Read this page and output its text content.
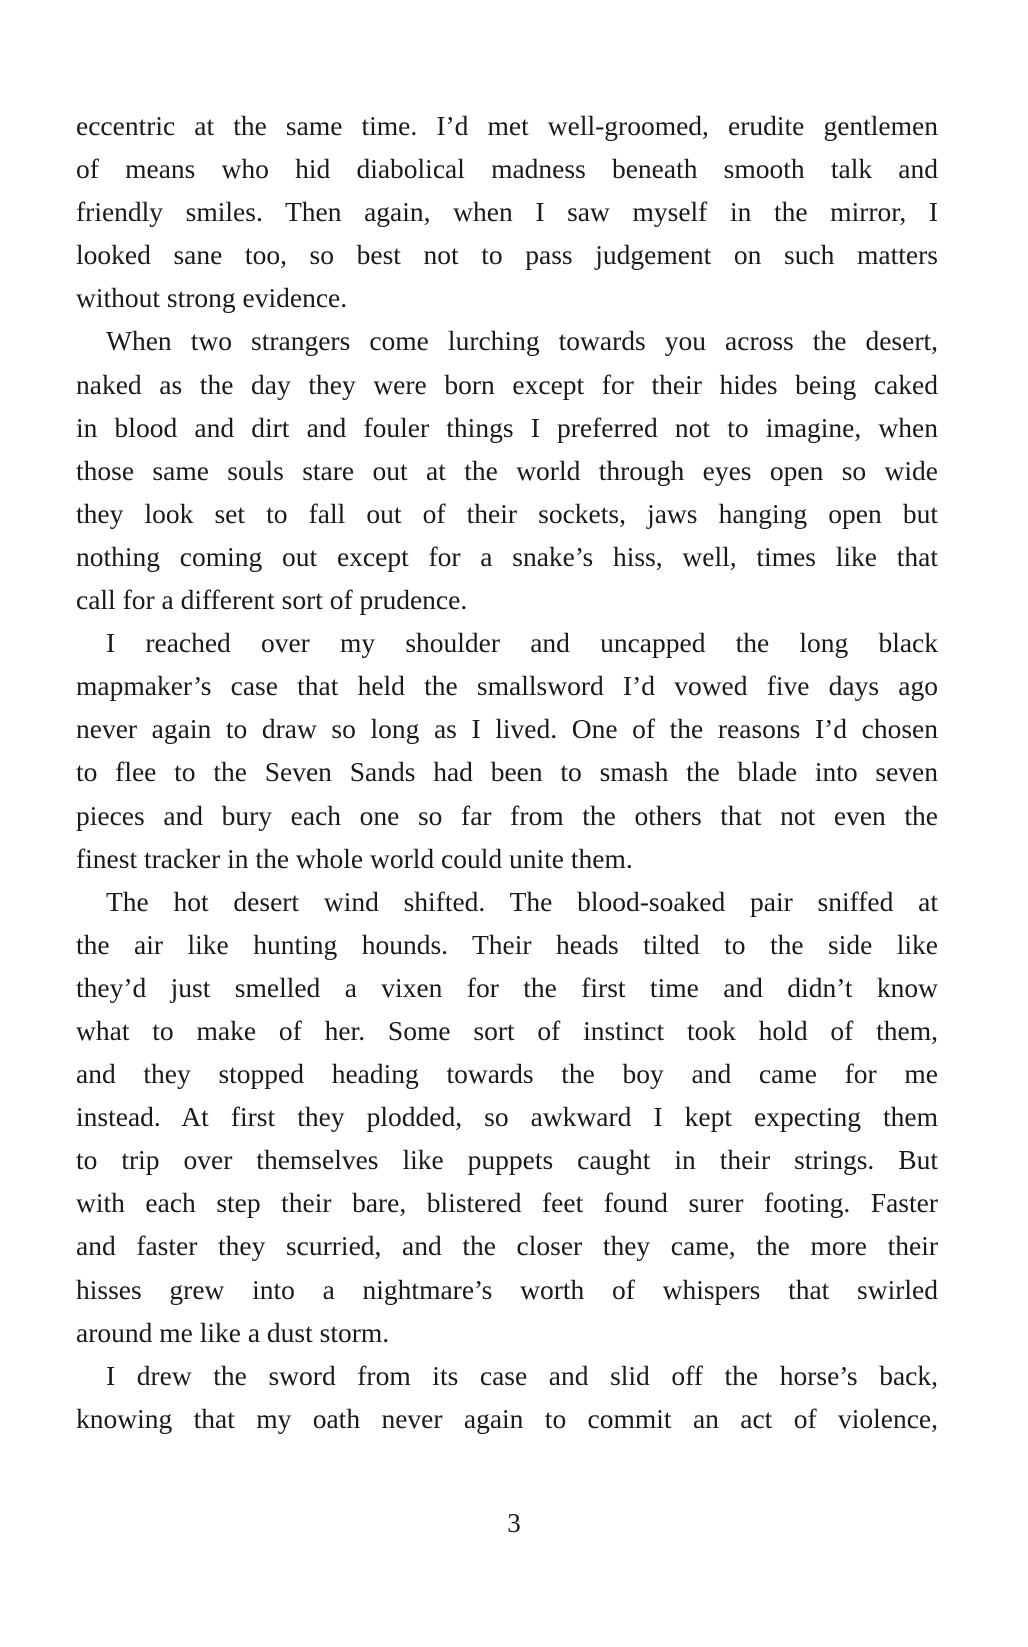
eccentric at the same time. I’d met well-groomed, erudite gentlemen
of means who hid diabolical madness beneath smooth talk and
friendly smiles. Then again, when I saw myself in the mirror, I
looked sane too, so best not to pass judgement on such matters
without strong evidence.
When two strangers come lurching towards you across the desert,
naked as the day they were born except for their hides being caked
in blood and dirt and fouler things I preferred not to imagine, when
those same souls stare out at the world through eyes open so wide
they look set to fall out of their sockets, jaws hanging open but
nothing coming out except for a snake’s hiss, well, times like that
call for a different sort of prudence.
I reached over my shoulder and uncapped the long black
mapmaker’s case that held the smallsword I’d vowed five days ago
never again to draw so long as I lived. One of the reasons I’d chosen
to flee to the Seven Sands had been to smash the blade into seven
pieces and bury each one so far from the others that not even the
finest tracker in the whole world could unite them.
The hot desert wind shifted. The blood-soaked pair sniffed at
the air like hunting hounds. Their heads tilted to the side like
they’d just smelled a vixen for the first time and didn’t know
what to make of her. Some sort of instinct took hold of them,
and they stopped heading towards the boy and came for me
instead. At first they plodded, so awkward I kept expecting them
to trip over themselves like puppets caught in their strings. But
with each step their bare, blistered feet found surer footing. Faster
and faster they scurried, and the closer they came, the more their
hisses grew into a nightmare’s worth of whispers that swirled
around me like a dust storm.
I drew the sword from its case and slid off the horse’s back,
knowing that my oath never again to commit an act of violence,
3
